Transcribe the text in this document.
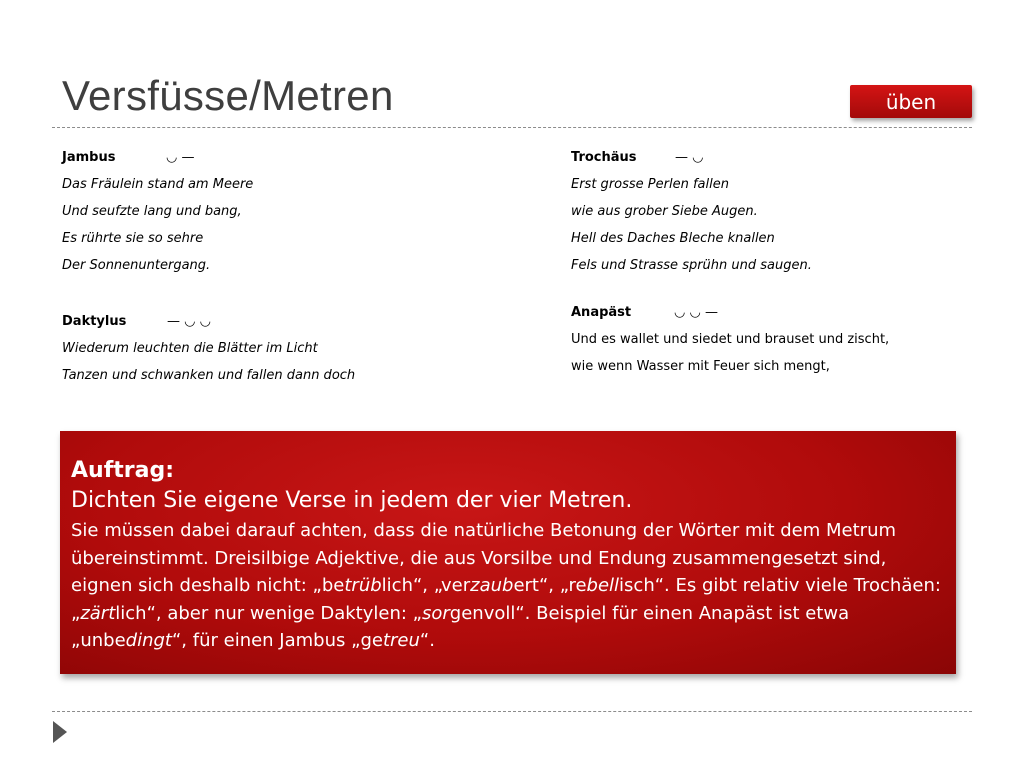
Versfüsse/Metren	üben
Jambus	◡ —
Das Fräulein stand am Meere
Und seufzte lang und bang,
Es rührte sie so sehre
Der Sonnenuntergang.
Trochäus	— ◡
Erst grosse Perlen fallen
wie aus grober Siebe Augen.
Hell des Daches Bleche knallen
Fels und Strasse sprühn und saugen.
Daktylus	— ◡ ◡
Wiederum leuchten die Blätter im Licht
Tanzen und schwanken und fallen dann doch
Anapäst	◡ ◡ —
Und es wallet und siedet und brauset und zischt,
wie wenn Wasser mit Feuer sich mengt,
Auftrag:
Dichten Sie eigene Verse in jedem der vier Metren.
Sie müssen dabei darauf achten, dass die natürliche Betonung der Wörter mit dem Metrum übereinstimmt. Dreisilbige Adjektive, die aus Vorsilbe und Endung zusammengesetzt sind, eignen sich deshalb nicht: „betrüblich“, „verzaubert“, „rebellisch“. Es gibt relativ viele Trochäen: „zärtlich“, aber nur wenige Daktylen: „sorgenvoll“. Beispiel für einen Anapäst ist etwa „unbedingt“, für einen Jambus „getreu“.
